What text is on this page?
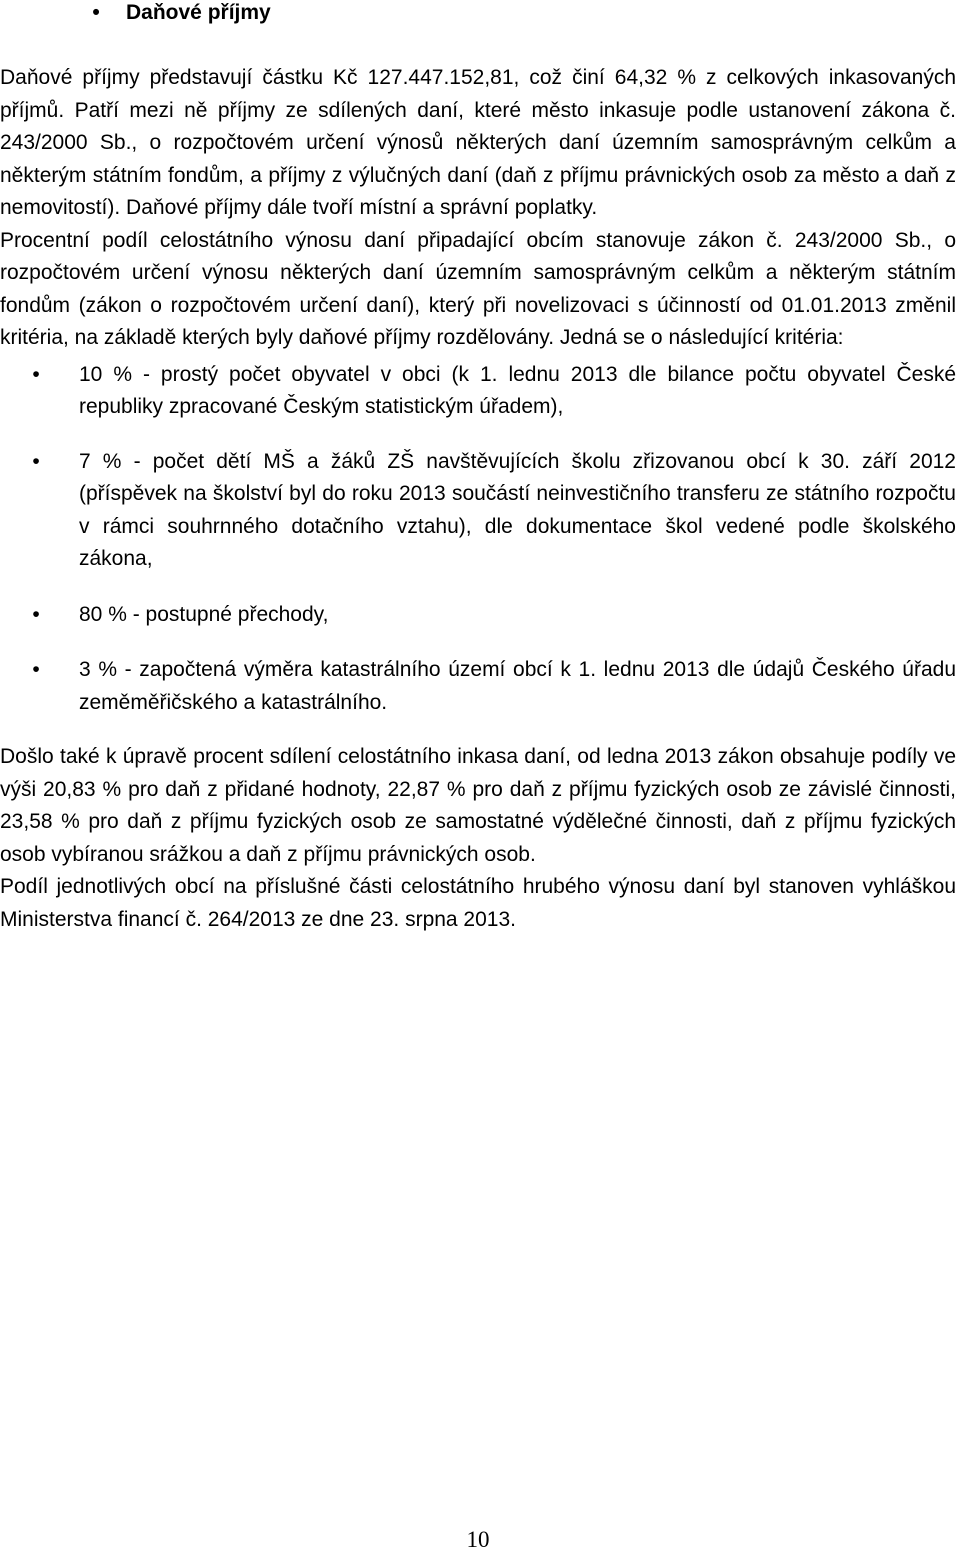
•	Daňové příjmy

Daňové příjmy představují částku Kč 127.447.152,81, což činí 64,32 % z celkových inkasovaných příjmů. Patří mezi ně příjmy ze sdílených daní, které město inkasuje podle ustanovení zákona č. 243/2000 Sb., o rozpočtovém určení výnosů některých daní územním samosprávným celkům a některým státním fondům, a příjmy z výlučných daní (daň z příjmu právnických osob za město a daň z nemovitostí). Daňové příjmy dále tvoří místní a správní poplatky.

Procentní podíl celostátního výnosu daní připadající obcím stanovuje zákon č. 243/2000 Sb., o rozpočtovém určení výnosu některých daní územním samosprávným celkům a některým státním fondům (zákon o rozpočtovém určení daní), který při novelizovaci s účinností od 01.01.2013 změnil kritéria, na základě kterých byly daňové příjmy rozdělovány. Jedná se o následující kritéria:

•	10 % - prostý počet obyvatel v obci (k 1. lednu 2013 dle bilance počtu obyvatel České republiky zpracované Českým statistickým úřadem),
•	7 % - počet dětí MŠ a žáků ZŠ navštěvujících školu zřizovanou obcí k 30. září 2012 (příspěvek na školství byl do roku 2013 součástí neinvestičního transferu ze státního rozpočtu v rámci souhrnného dotačního vztahu), dle dokumentace škol vedené podle školského zákona,
•	80 % - postupné přechody,
•	3 % - započtená výměra katastrálního území obcí k 1. lednu 2013 dle údajů Českého úřadu zeměměřičského a katastrálního.

Došlo také k úpravě procent sdílení celostátního inkasa daní, od ledna 2013 zákon obsahuje podíly ve výši 20,83 % pro daň z přidané hodnoty, 22,87 % pro daň z příjmu fyzických osob ze závislé činnosti, 23,58 % pro daň z příjmu fyzických osob ze samostatné výdělečné činnosti, daň z příjmu fyzických osob vybíranou srážkou a daň z příjmu právnických osob.

Podíl jednotlivých obcí na příslušné části celostátního hrubého výnosu daní byl stanoven vyhláškou Ministerstva financí č. 264/2013 ze dne 23. srpna 2013.

10
